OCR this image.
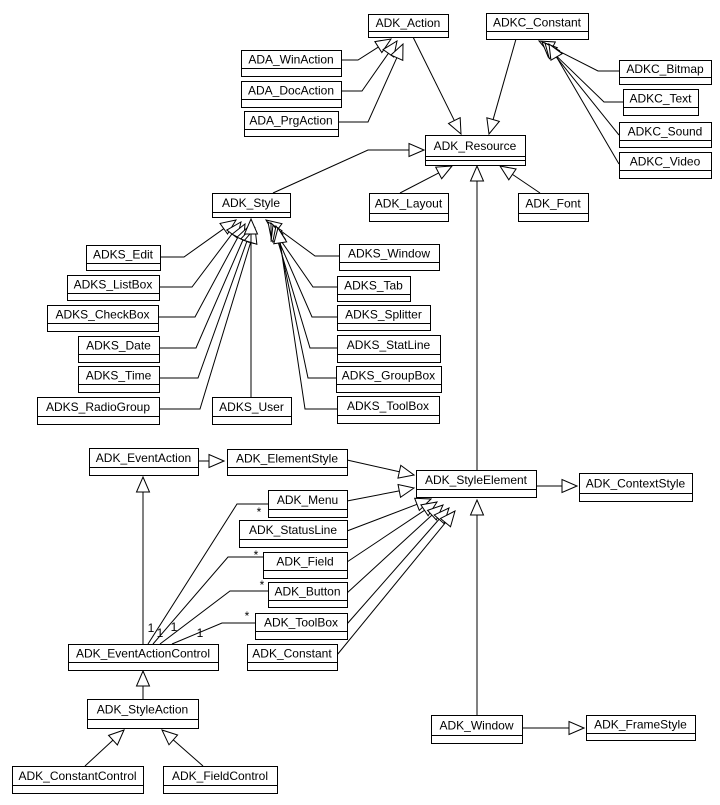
ADK_Action	ADKC_Constant
ADA_WinAction
ADA_DocAction
ADA_PrgAction
ADKC_Bitmap
ADKC_Text
ADKC_Sound
ADKC_Video
ADK_Resource
ADK_Layout	ADK_Font
ADK_Style
ADKS_Edit
ADKS_ListBox
ADKS_CheckBox
ADKS_Date
ADKS_Time
ADKS_RadioGroup	ADKS_User
ADKS_Window
ADKS_Tab
ADKS_Splitter
ADKS_StatLine
ADKS_GroupBox
ADKS_ToolBox
ADK_EventAction	ADK_ElementStyle
ADK_Menu
ADK_StatusLine
ADK_Field
ADK_Button
ADK_ToolBox
ADK_Constant
ADK_EventActionControl
ADK_StyleElement	ADK_ContextStyle
ADK_StyleAction
ADK_ConstantControl	ADK_FieldControl
ADK_Window	ADK_FrameStyle
*
*
*
*
1 1 1 1
